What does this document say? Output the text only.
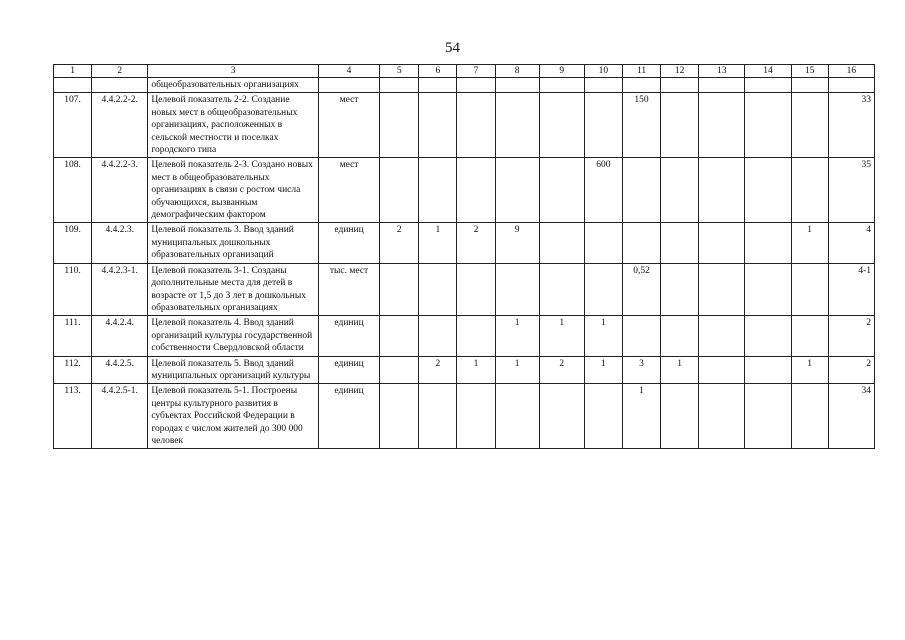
54
1	2	3	4	5	6	7	8	9	10	11	12	13	14	15	16
		общеобразовательных организациях													
107.	4.4.2.2-2.	Целевой показатель 2-2. Создание новых мест в общеобразовательных организациях, расположенных в сельской местности и поселках городского типа	мест							150					33
108.	4.4.2.2-3.	Целевой показатель 2-3. Создано новых мест в общеобразовательных организациях в связи с ростом числа обучающихся, вызванным демографическим фактором	мест						600						35
109.	4.4.2.3.	Целевой показатель 3. Ввод зданий муниципальных дошкольных образовательных организаций	единиц	2	1	2	9							1	4
110.	4.4.2.3-1.	Целевой показатель 3-1. Созданы дополнительные места для детей в возрасте от 1,5 до 3 лет в дошкольных образовательных организациях	тыс. мест							0,52					4-1
111.	4.4.2.4.	Целевой показатель 4. Ввод зданий организаций культуры государственной собственности Свердловской области	единиц				1	1	1						2
112.	4.4.2.5.	Целевой показатель 5. Ввод зданий муниципальных организаций культуры	единиц		2	1	1	2	1	3	1			1	2
113.	4.4.2.5-1.	Целевой показатель 5-1. Построены центры культурного развития в субъектах Российской Федерации в городах с числом жителей до 300 000 человек	единиц							1					34
